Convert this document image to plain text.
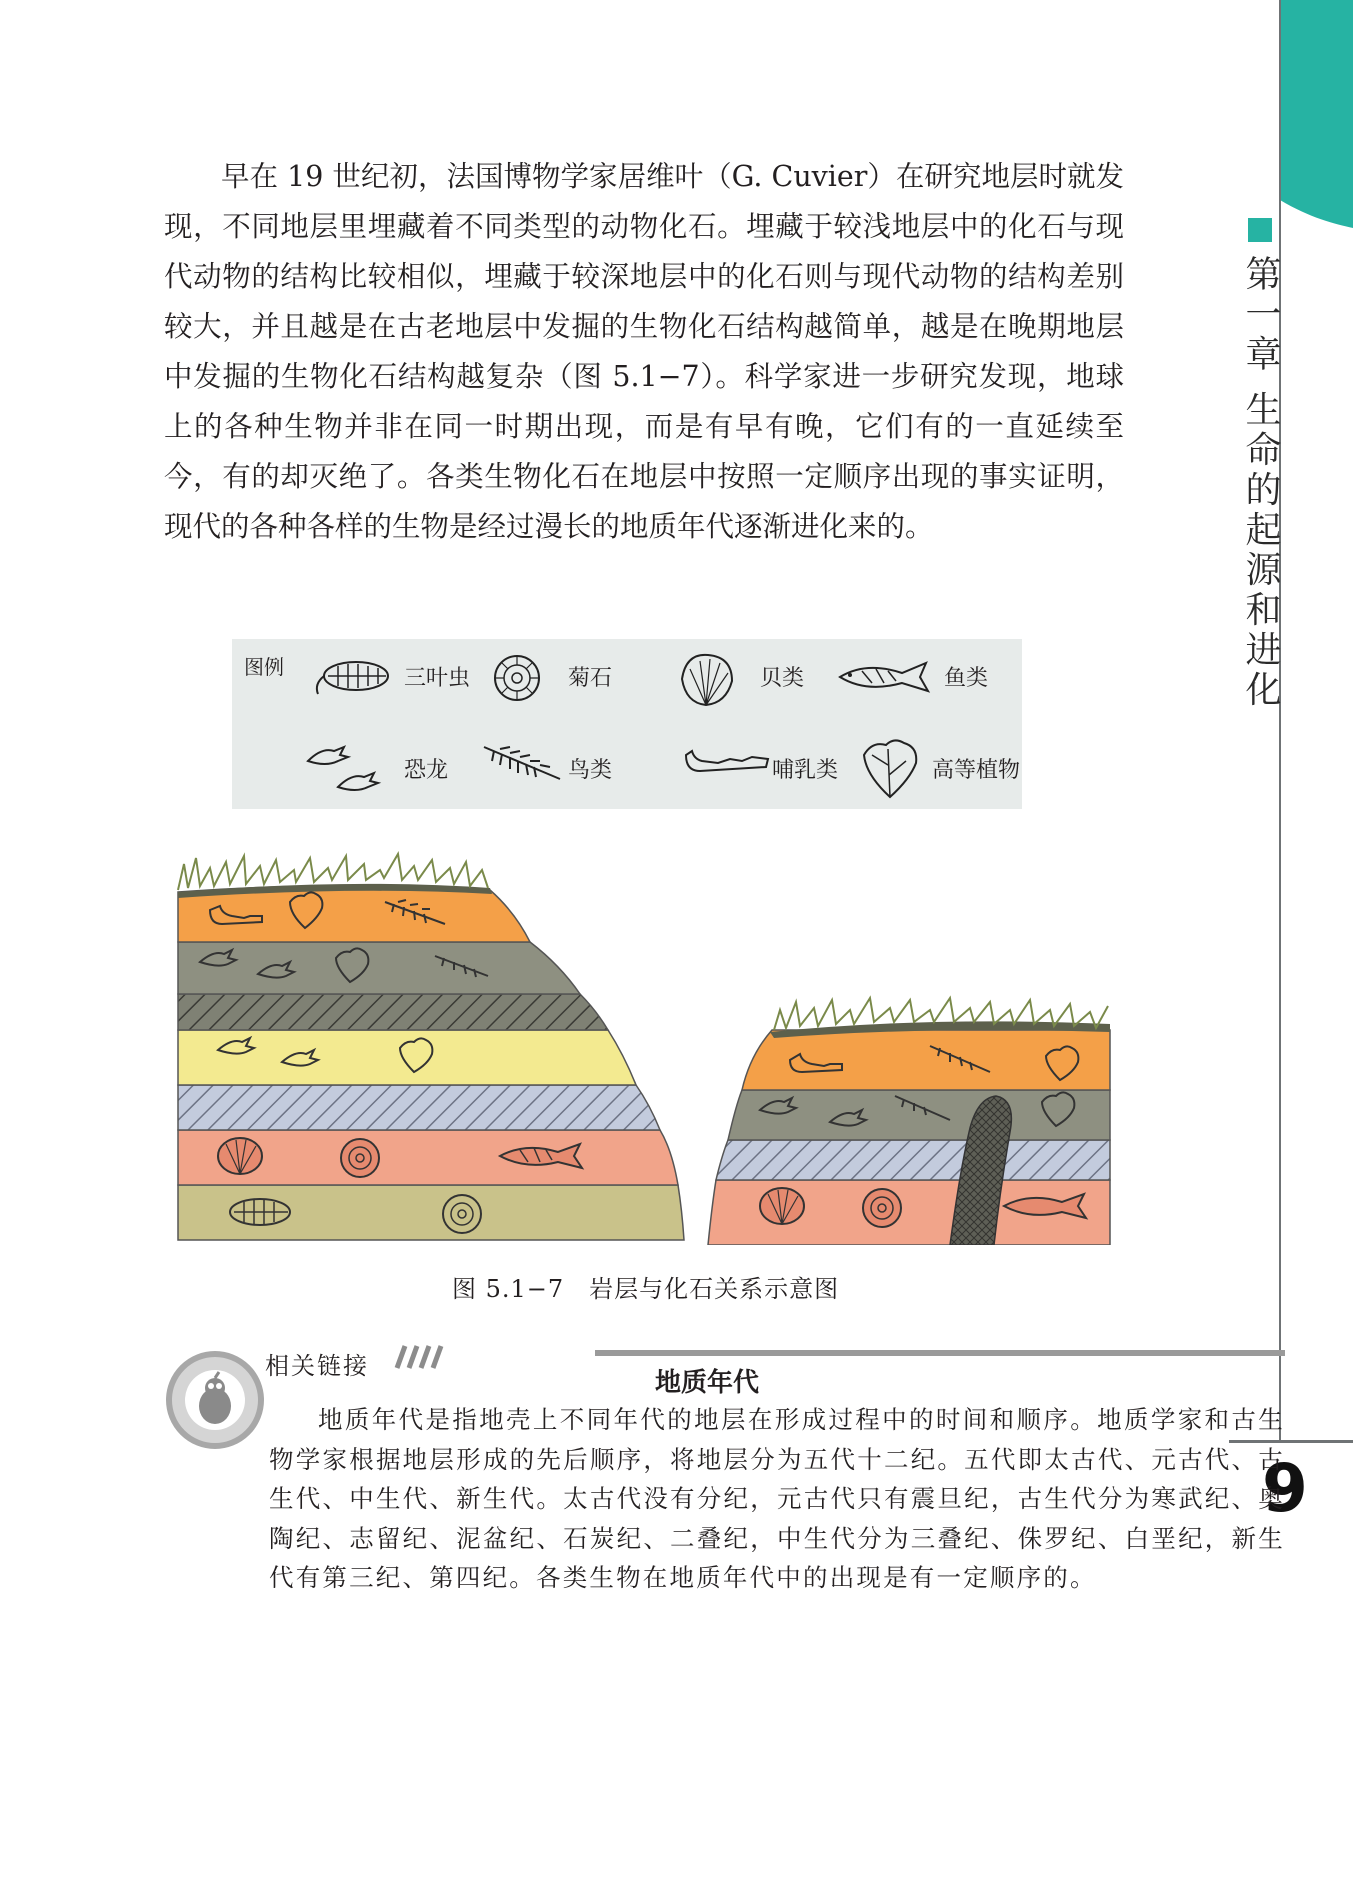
第一章 生命的起源和进化
9

早在 19 世纪初，法国博物学家居维叶（G. Cuvier）在研究地层时就发现，不同地层里埋藏着不同类型的动物化石。埋藏于较浅地层中的化石与现代动物的结构比较相似，埋藏于较深地层中的化石则与现代动物的结构差别较大，并且越是在古老地层中发掘的生物化石结构越简单，越是在晚期地层中发掘的生物化石结构越复杂（图 5.1−7）。科学家进一步研究发现，地球上的各种生物并非在同一时期出现，而是有早有晚，它们有的一直延续至今，有的却灭绝了。各类生物化石在地层中按照一定顺序出现的事实证明，现代的各种各样的生物是经过漫长的地质年代逐渐进化来的。

图例	三叶虫	菊石	贝类	鱼类
恐龙	鸟类	哺乳类	高等植物
图 5.1−7　岩层与化石关系示意图
相关链接
地质年代

地质年代是指地壳上不同年代的地层在形成过程中的时间和顺序。地质学家和古生物学家根据地层形成的先后顺序，将地层分为五代十二纪。五代即太古代、元古代、古生代、中生代、新生代。太古代没有分纪，元古代只有震旦纪，古生代分为寒武纪、奥陶纪、志留纪、泥盆纪、石炭纪、二叠纪，中生代分为三叠纪、侏罗纪、白垩纪，新生代有第三纪、第四纪。各类生物在地质年代中的出现是有一定顺序的。
